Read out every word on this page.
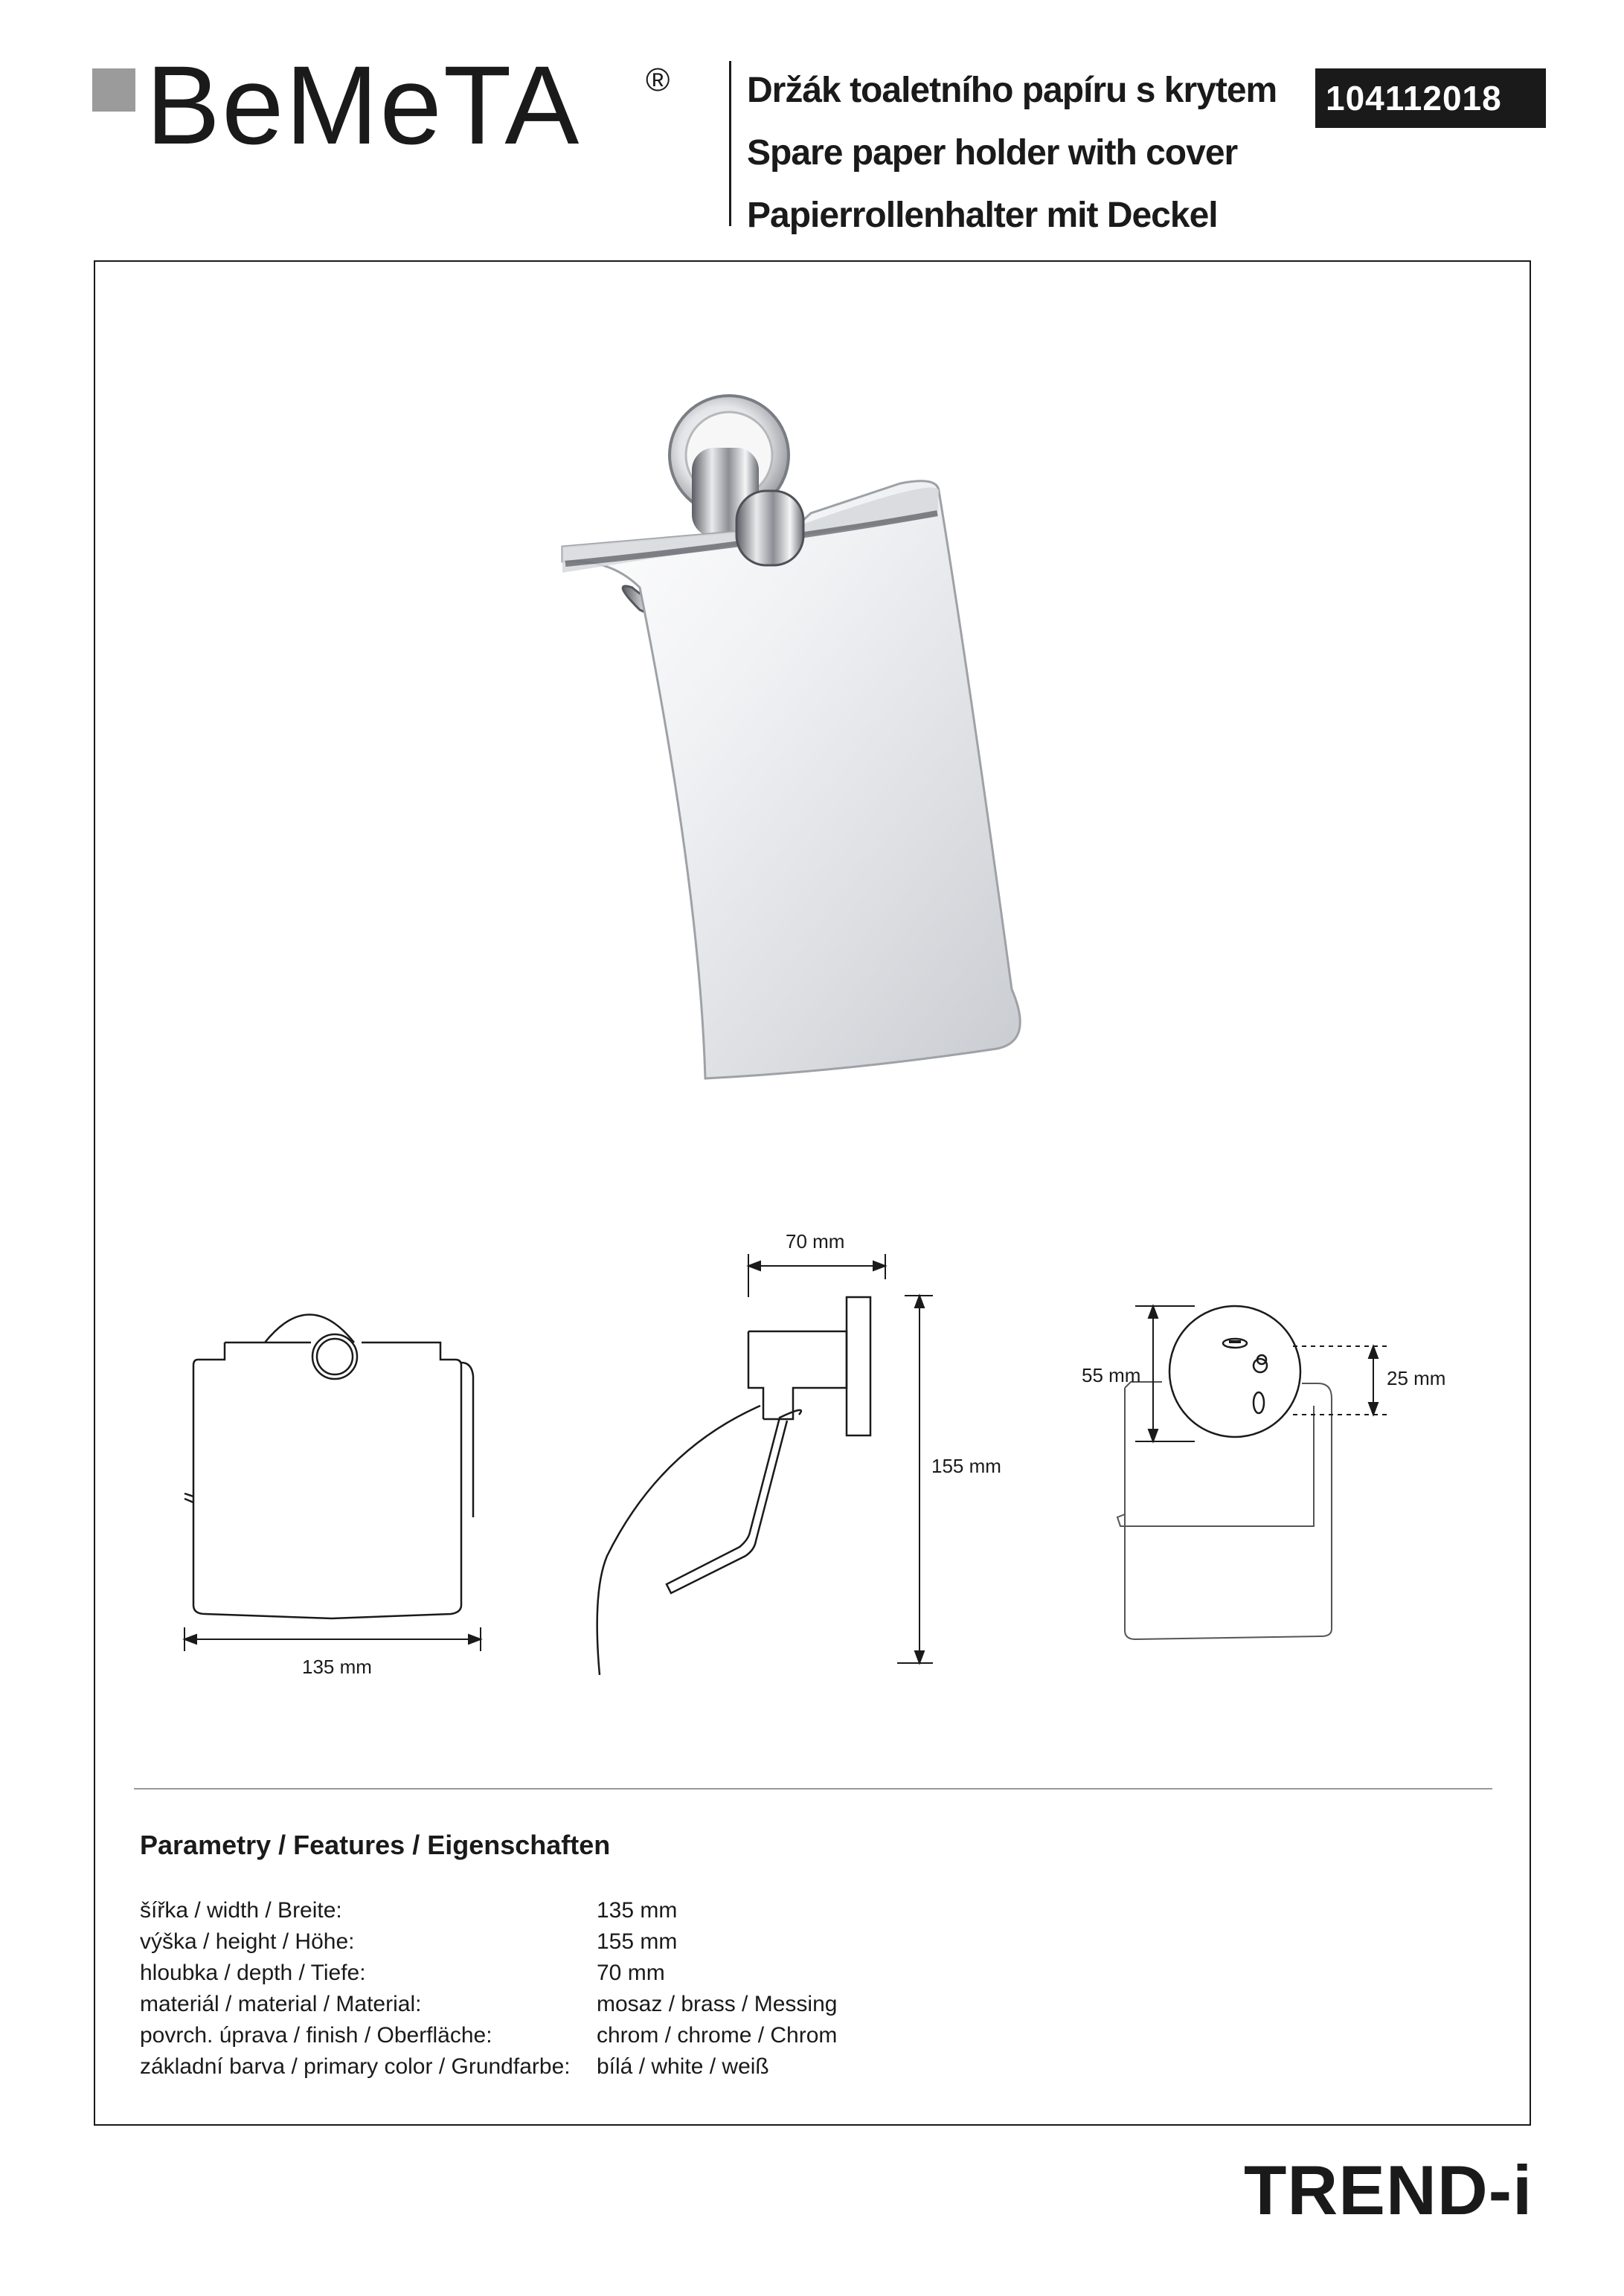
BeMeTA ® Držák toaletního papíru s krytem
Spare paper holder with cover
Papierrollenhalter mit Deckel
104112018
135 mm
70 mm
155 mm
55 mm	25 mm
Parametry / Features / Eigenschaften
šířka / width / Breite:	135 mm
výška / height / Höhe:	155 mm
hloubka / depth / Tiefe:	70 mm
materiál / material / Material:	mosaz / brass / Messing
povrch. úprava / finish / Oberfläche:	chrom / chrome / Chrom
základní barva / primary color / Grundfarbe:	bílá / white / weiß
TREND-i
